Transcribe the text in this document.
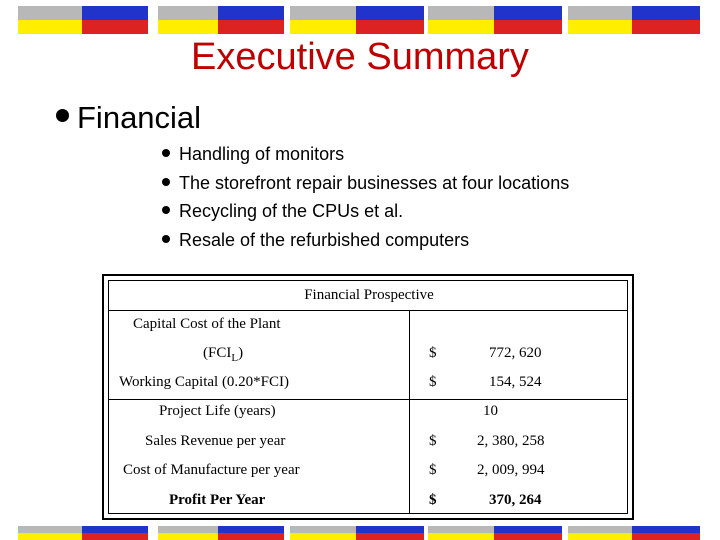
Executive Summary
Financial
Handling of monitors
The storefront repair businesses at four locations
Recycling of the CPUs et al.
Resale of the refurbished computers
Financial Prospective
Capital Cost of the Plant
$(FCI_L)$	$	772, 620
Working Capital (0.20*FCI)	$	154, 524
Project Life (years)	10
Sales Revenue per year	$	2, 380, 258
Cost of Manufacture per year	$	2, 009, 994
Profit Per Year	$	370, 264
